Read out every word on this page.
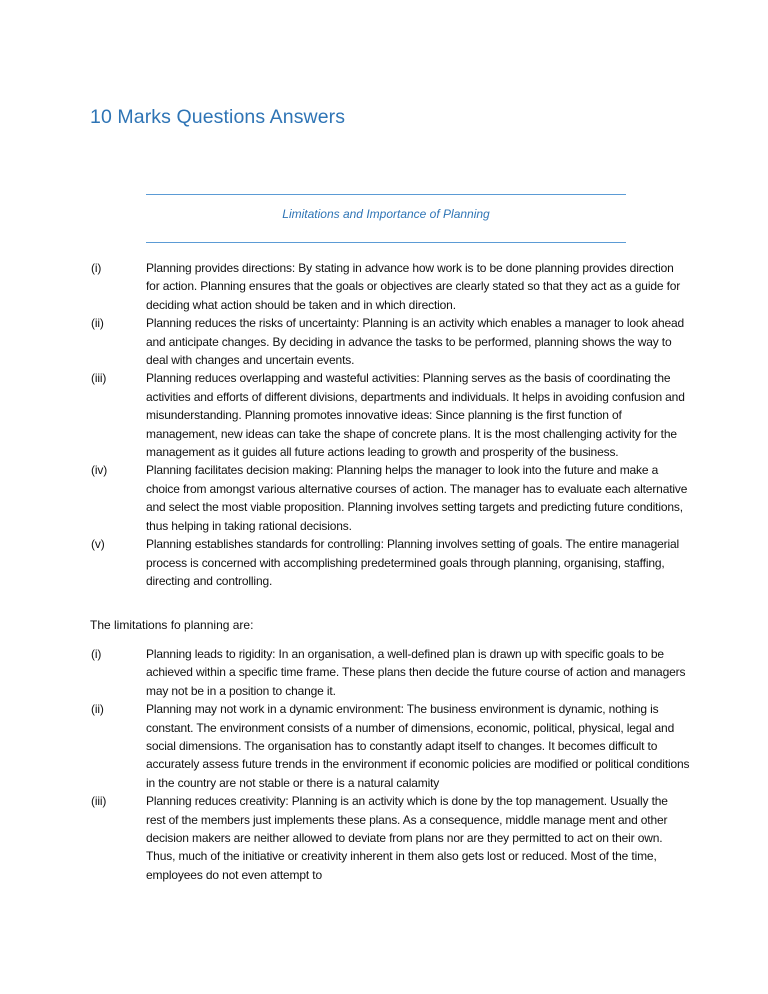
10 Marks Questions Answers
Limitations and Importance of Planning
(i)	Planning provides directions: By stating in advance how work is to be done planning provides direction for action. Planning ensures that the goals or objectives are clearly stated so that they act as a guide for deciding what action should be taken and in which direction.
(ii)	Planning reduces the risks of uncertainty: Planning is an activity which enables a manager to look ahead and anticipate changes. By deciding in advance the tasks to be performed, planning shows the way to deal with changes and uncertain events.
(iii)	Planning reduces overlapping and wasteful activities: Planning serves as the basis of coordinating the activities and efforts of different divisions, departments and individuals. It helps in avoiding confusion and misunderstanding. Planning promotes innovative ideas: Since planning is the first function of management, new ideas can take the shape of concrete plans. It is the most challenging activity for the management as it guides all future actions leading to growth and prosperity of the business.
(iv)	Planning facilitates decision making: Planning helps the manager to look into the future and make a choice from amongst various alternative courses of action. The manager has to evaluate each alternative and select the most viable proposition. Planning involves setting targets and predicting future conditions, thus helping in taking rational decisions.
(v)	Planning establishes standards for controlling: Planning involves setting of goals. The entire managerial process is concerned with accomplishing predetermined goals through planning, organising, staffing, directing and controlling.

The limitations fo planning are:

(i)	Planning leads to rigidity: In an organisation, a well-defined plan is drawn up with specific goals to be achieved within a specific time frame. These plans then decide the future course of action and managers may not be in a position to change it.
(ii)	Planning may not work in a dynamic environment: The business environment is dynamic, nothing is constant. The environment consists of a number of dimensions, economic, political, physical, legal and social dimensions. The organisation has to constantly adapt itself to changes. It becomes difficult to accurately assess future trends in the environment if economic policies are modified or political conditions in the country are not stable or there is a natural calamity
(iii)	Planning reduces creativity: Planning is an activity which is done by the top management. Usually the rest of the members just implements these plans. As a consequence, middle manage ment and other decision makers are neither allowed to deviate from plans nor are they permitted to act on their own. Thus, much of the initiative or creativity inherent in them also gets lost or reduced. Most of the time, employees do not even attempt to
